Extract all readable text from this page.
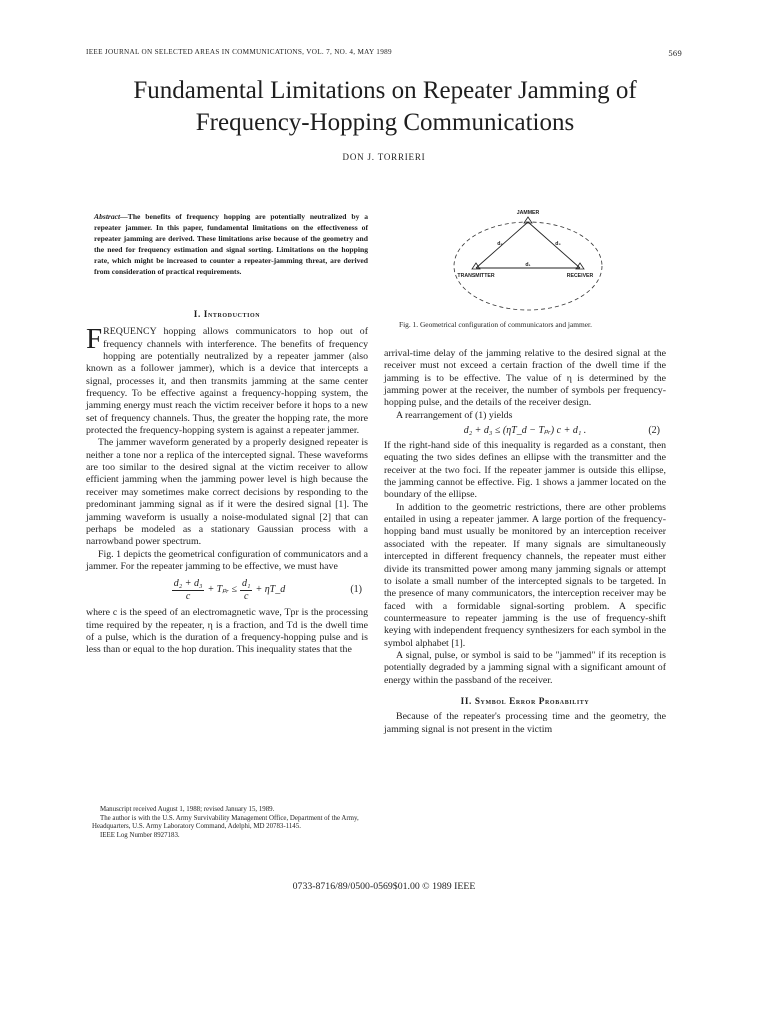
IEEE JOURNAL ON SELECTED AREAS IN COMMUNICATIONS, VOL. 7, NO. 4, MAY 1989	569
Fundamental Limitations on Repeater Jamming of
Frequency-Hopping Communications
DON J. TORRIERI
Abstract—The benefits of frequency hopping are potentially neutralized by a repeater jammer. In this paper, fundamental limitations on the effectiveness of repeater jamming are derived. These limitations arise because of the geometry and the need for frequency estimation and signal sorting. Limitations on the hopping rate, which might be increased to counter a repeater-jamming threat, are derived from consideration of practical requirements.
I. Introduction

FREQUENCY hopping allows communicators to hop out of frequency channels with interference. The benefits of frequency hopping are potentially neutralized by a repeater jammer (also known as a follower jammer), which is a device that intercepts a signal, processes it, and then transmits jamming at the same center frequency. To be effective against a frequency-hopping system, the jamming energy must reach the victim receiver before it hops to a new set of frequency channels. Thus, the greater the hopping rate, the more protected the frequency-hopping system is against a repeater jammer.

The jammer waveform generated by a properly designed repeater is neither a tone nor a replica of the intercepted signal. These waveforms are too similar to the desired signal at the victim receiver to allow efficient jamming when the jamming power level is high because the receiver may sometimes make correct decisions by responding to the predominant jamming signal as if it were the desired signal [1]. The jamming waveform is usually a noise-modulated signal [2] that can perhaps be modeled as a stationary Gaussian process with a narrowband power spectrum.

Fig. 1 depicts the geometrical configuration of communicators and a jammer. For the repeater jamming to be effective, we must have

$\frac{\text{d₂ + d₃}}{c}$ + Tₚᵣ ≤ $\frac{\text{d₁}}{c}$ + ηT_d	(1)

where c is the speed of an electromagnetic wave, Tpr is the processing time required by the repeater, η is a fraction, and Td is the dwell time of a pulse, which is the duration of a frequency-hopping pulse and is less than or equal to the hop duration. This inequality states that the

JAMMER
TRANSMITTER	RECEIVER
d₁
d₂	d₃
Fig. 1. Geometrical configuration of communicators and jammer.

arrival-time delay of the jamming relative to the desired signal at the receiver must not exceed a certain fraction of the dwell time if the jamming is to be effective. The value of η is determined by the jamming power at the receiver, the number of symbols per frequency-hopping pulse, and the details of the receiver design.

A rearrangement of (1) yields

d₂ + d₃ ≤ (ηT_d − Tₚᵣ) c + d₁ .	(2)

If the right-hand side of this inequality is regarded as a constant, then equating the two sides defines an ellipse with the transmitter and the receiver at the two foci. If the repeater jammer is outside this ellipse, the jamming cannot be effective. Fig. 1 shows a jammer located on the boundary of the ellipse.

In addition to the geometric restrictions, there are other problems entailed in using a repeater jammer. A large portion of the frequency-hopping band must usually be monitored by an interception receiver associated with the repeater. If many signals are simultaneously intercepted in different frequency channels, the repeater must either divide its transmitted power among many jamming signals or attempt to isolate a small number of the intercepted signals to be targeted. In the presence of many communicators, the interception receiver may be faced with a formidable signal-sorting problem. A specific countermeasure to repeater jamming is the use of frequency-shift keying with independent frequency synthesizers for each symbol in the symbol alphabet [1].

A signal, pulse, or symbol is said to be "jammed" if its reception is potentially degraded by a jamming signal with a significant amount of energy within the passband of the receiver.

II. Symbol Error Probability

Because of the repeater's processing time and the geometry, the jamming signal is not present in the victim

Manuscript received August 1, 1988; revised January 15, 1989.
The author is with the U.S. Army Survivability Management Office, Department of the Army, Headquarters, U.S. Army Laboratory Command, Adelphi, MD 20783-1145.
IEEE Log Number 8927183.
0733-8716/89/0500-0569$01.00 © 1989 IEEE
